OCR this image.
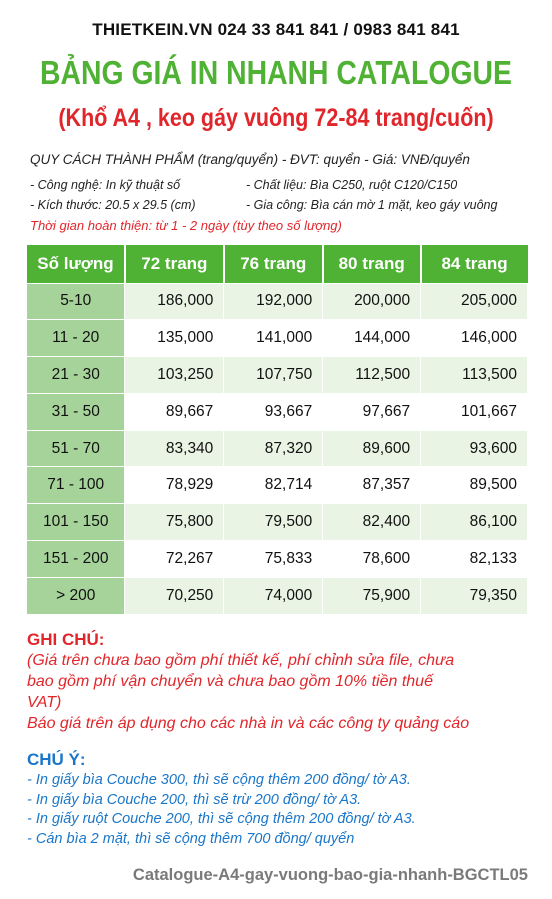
THIETKEIN.VN 024 33 841 841 / 0983 841 841
BẢNG GIÁ IN NHANH CATALOGUE
(Khổ A4 , keo gáy vuông 72-84 trang/cuốn)
QUY CÁCH THÀNH PHẨM (trang/quyển) - ĐVT: quyển - Giá: VNĐ/quyển
- Công nghệ: In kỹ thuật số	- Chất liệu: Bìa C250, ruột C120/C150
- Kích thước: 20.5 x 29.5 (cm)	- Gia công: Bìa cán mờ 1 mặt, keo gáy vuông
Thời gian hoàn thiện: từ 1 - 2 ngày (tùy theo số lượng)
Số lượng	72 trang	76 trang	80 trang	84 trang
5-10	186,000	192,000	200,000	205,000
11 - 20	135,000	141,000	144,000	146,000
21 - 30	103,250	107,750	112,500	113,500
31 - 50	89,667	93,667	97,667	101,667
51 - 70	83,340	87,320	89,600	93,600
71 - 100	78,929	82,714	87,357	89,500
101 - 150	75,800	79,500	82,400	86,100
151 - 200	72,267	75,833	78,600	82,133
> 200	70,250	74,000	75,900	79,350
GHI CHÚ:
(Giá trên chưa bao gồm phí thiết kế, phí chỉnh sửa file, chưa
bao gồm phí vận chuyển và chưa bao gồm 10% tiền thuế
VAT)
Báo giá trên áp dụng cho các nhà in và các công ty quảng cáo
CHÚ Ý:
- In giấy bìa Couche 300, thì sẽ cộng thêm 200 đồng/ tờ A3.
- In giấy bìa Couche 200, thì sẽ trừ 200 đồng/ tờ A3.
- In giấy ruột Couche 200, thì sẽ cộng thêm 200 đồng/ tờ A3.
- Cán bìa 2 mặt, thì sẽ cộng thêm 700 đồng/ quyển
Catalogue-A4-gay-vuong-bao-gia-nhanh-BGCTL05
